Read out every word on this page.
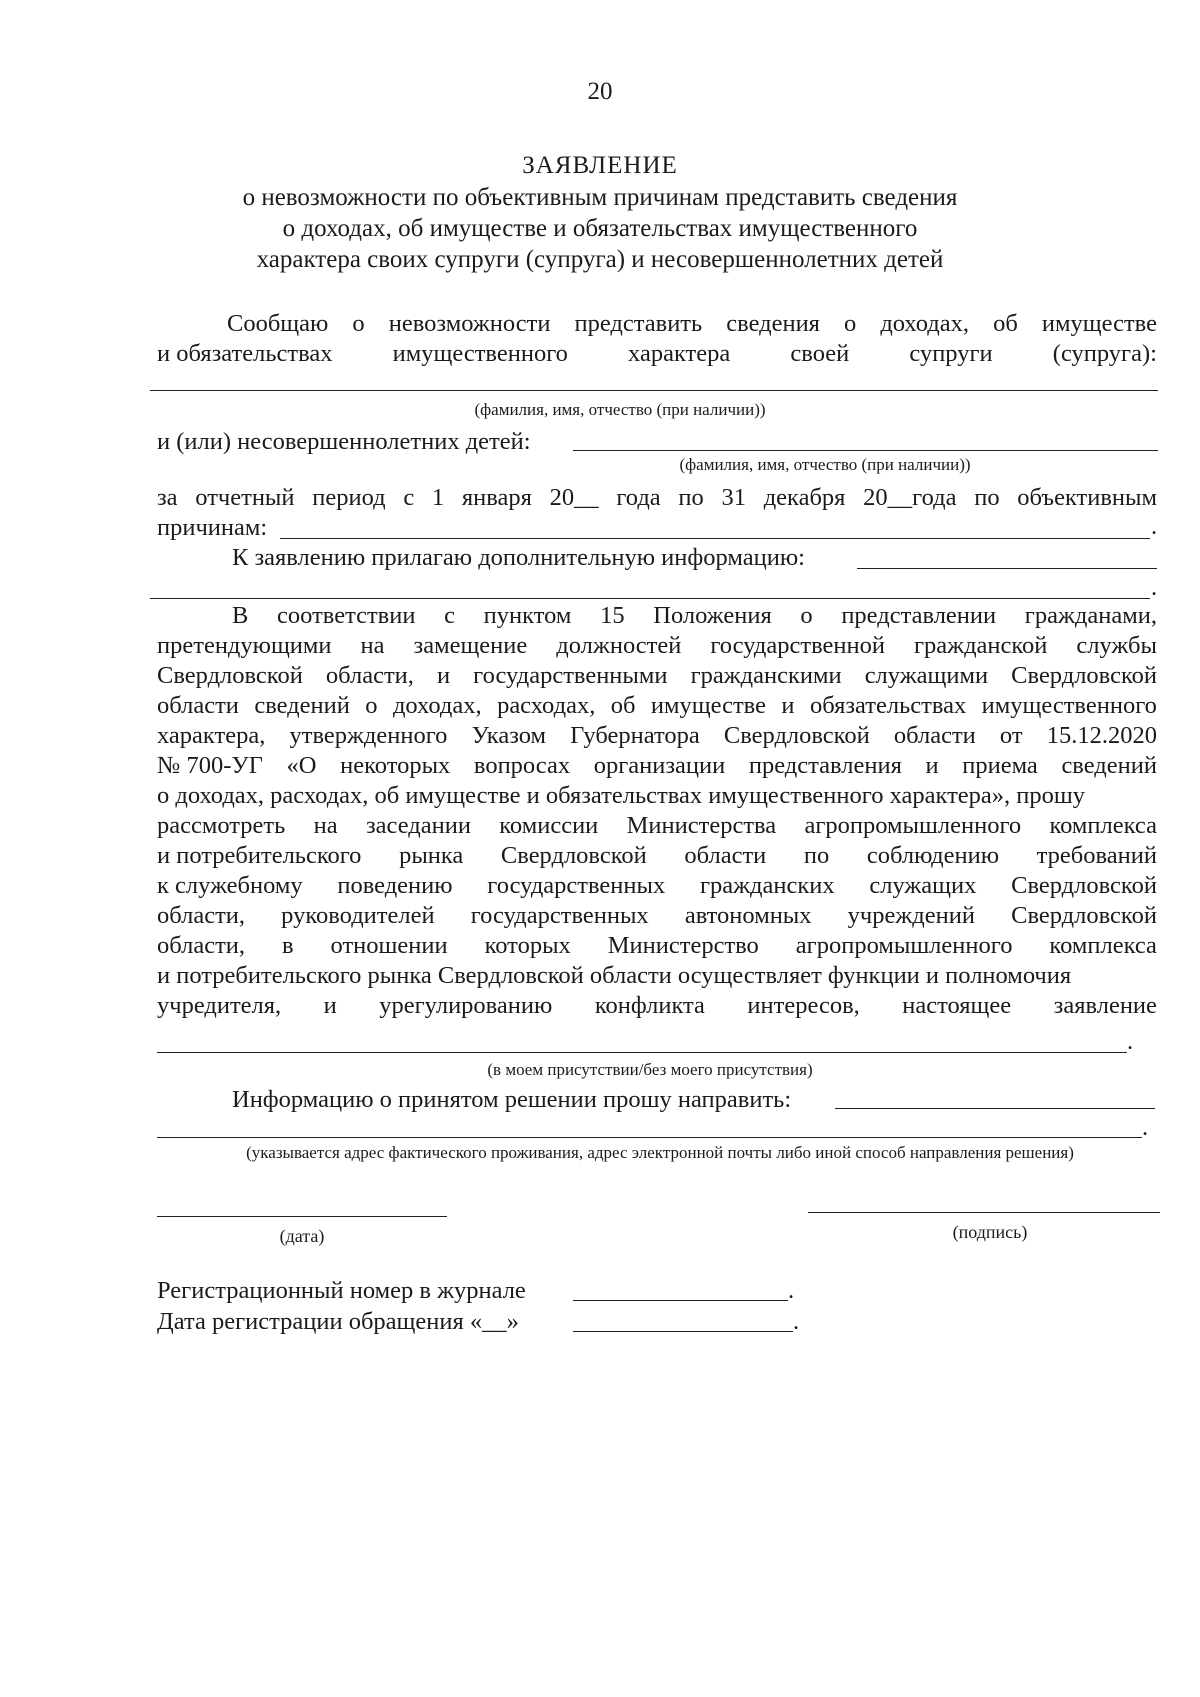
20
ЗАЯВЛЕНИЕ
о невозможности по объективным причинам представить сведения
о доходах, об имуществе и обязательствах имущественного
характера своих супруги (супруга) и несовершеннолетних детей
Сообщаю о невозможности представить сведения о доходах, об имуществе
и обязательствах имущественного характера своей супруги (супруга):
(фамилия, имя, отчество (при наличии))
и (или) несовершеннолетних детей:
(фамилия, имя, отчество (при наличии))
за отчетный период с 1 января 20__ года по 31 декабря 20__года по объективным
причинам:	.
К заявлению прилагаю дополнительную информацию:
.
В соответствии с пунктом 15 Положения о представлении гражданами,
претендующими на замещение должностей государственной гражданской службы
Свердловской области, и государственными гражданскими служащими Свердловской
области сведений о доходах, расходах, об имуществе и обязательствах имущественного
характера, утвержденного Указом Губернатора Свердловской области от 15.12.2020
№ 700-УГ «О некоторых вопросах организации представления и приема сведений
о доходах, расходах, об имуществе и обязательствах имущественного характера», прошу
рассмотреть на заседании комиссии Министерства агропромышленного комплекса
и потребительского рынка Свердловской области по соблюдению требований
к служебному поведению государственных гражданских служащих Свердловской
области, руководителей государственных автономных учреждений Свердловской
области, в отношении которых Министерство агропромышленного комплекса
и потребительского рынка Свердловской области осуществляет функции и полномочия
учредителя, и урегулированию конфликта интересов, настоящее заявление
.
(в моем присутствии/без моего присутствия)
Информацию о принятом решении прошу направить:
.
(указывается адрес фактического проживания, адрес электронной почты либо иной способ направления решения)
(дата)	(подпись)
Регистрационный номер в журнале	.
Дата регистрации обращения «__»	.
